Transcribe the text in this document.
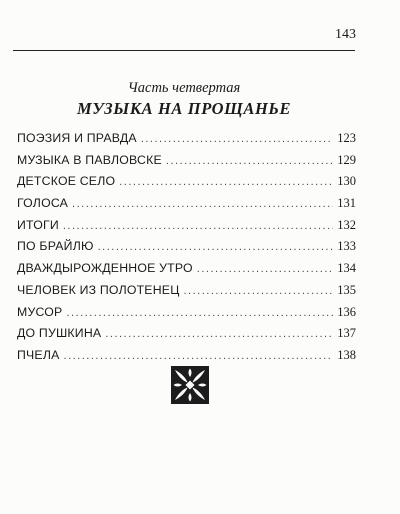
143
Часть четвертая
МУЗЫКА НА ПРОЩАНЬЕ
ПОЭЗИЯ И ПРАВДА .....	123
МУЗЫКА В ПАВЛОВСКЕ .....	129
ДЕТСКОЕ СЕЛО .....	130
ГОЛОСА .....	131
ИТОГИ .....	132
ПО БРАЙЛЮ .....	133
ДВАЖДЫРОЖДЕННОЕ УТРО .....	134
ЧЕЛОВЕК ИЗ ПОЛОТЕНЕЦ .....	135
МУСОР .....	136
ДО ПУШКИНА .....	137
ПЧЕЛА .....	138
